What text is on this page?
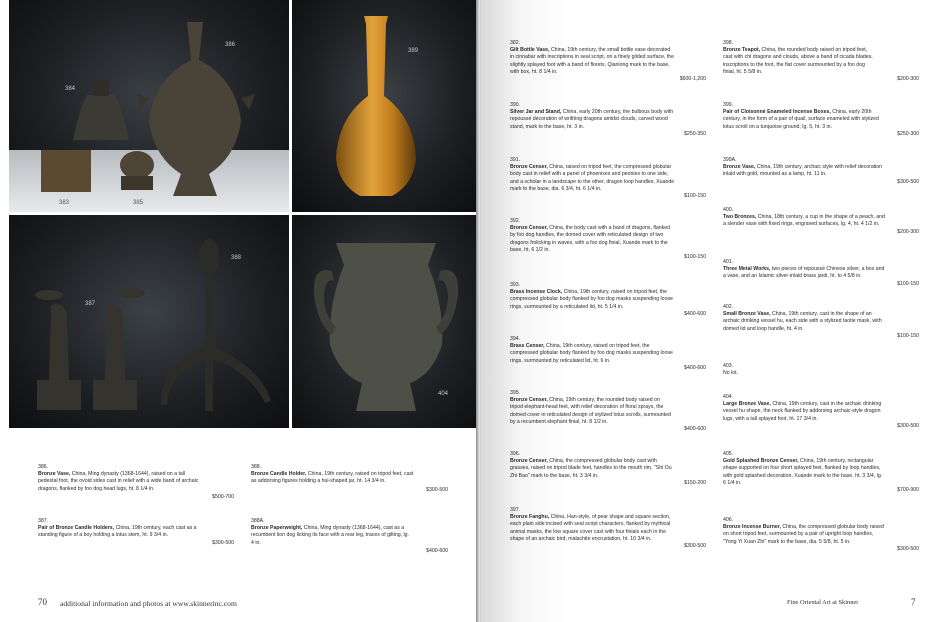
386
384
383	385
389
388
387
404
386.
Bronze Vase, China, Ming dynasty (1368-1644), raised on a tall
pedestal foot, the ovoid sides cast in relief with a wide band of archaic
dragons, flanked by foo dog head lugs, ht. 8 1/4 in.
$500-700
388.
Bronze Candle Holder, China, 19th century, raised on tripod feet, cast
as addorsing figures holding a hui-shaped jar, ht. 14 3/4 in.
$300-500
387.
Pair of Bronze Candle Holders, China, 19th century, each cast as a
standing figure of a boy holding a lotus stem, ht. 9 3/4 in.
$300-500
388A.
Bronze Paperweight, China, Ming dynasty (1368-1644), cast as a
recumbent lion dog licking its face with a rear leg, traces of gilting, lg.
4 in.
$400-600
70 additional information and photos at www.skinnerinc.com
382.
Gilt Bottle Vase, China, 19th century, the small bottle vase decorated
in cinnabar with inscriptions in seal script, on a finely gilded surface, the
slightly splayed foot with a band of florets, Qianlong mark to the base,
with box, ht. 8 1/4 in.
$600-1,200
390.
Silver Jar and Stand, China, early 20th century, the bulbous body with
repoussé decoration of writhing dragons amidst clouds, carved wood
stand, mark to the base, ht. 3 in.
$250-350
391.
Bronze Censer, China, raised on tripod feet, the compressed globular
body cast in relief with a panel of phoenixes and peonies to one side,
and a scholar in a landscape to the other, dragon loop handles, Xuande
mark to the base, dia. 6 3/4, ht. 6 1/4 in.
$100-150
392.
Bronze Censer, China, the body cast with a band of dragons, flanked
by foo dog handles, the domed cover with reticulated design of two
dragons frolicking in waves, with a foo dog finial, Xuande mark to the
base, ht. 6 1/2 in.
$100-150
393.
Brass Incense Clock, China, 19th century, raised on tripod feet, the
compressed globular body flanked by foo dog masks suspending loose
rings, surmounted by a reticulated lid, ht. 5 1/4 in.
$400-600
394.
Brass Censer, China, 19th century, raised on tripod feet, the
compressed globular body flanked by foo dog masks suspending loose
rings, surmounted by reticulated lid, ht. 6 in.
$400-600
395.
Bronze Censer, China, 19th century, the rounded body raised on
tripod elephant-head feet, with relief decoration of floral sprays, the
domed cover in reticulated design of stylized lotus scrolls, surmounted
by a recumbent elephant finial, ht. 8 1/2 in.
$400-600
396.
Bronze Censer, China, the compressed globular body cast with
grasses, raised on tripod blade feet, handles to the mouth rim, "Shi Ou
Zhi Bao" mark to the base, ht. 3 3/4 in.
$150-200
397.
Bronze Fanghu, China, Han-style, of pear shape and square section,
each plain side incised with seal script characters, flanked by mythical
animal masks, the low square cover cast with four finials each in the
shape of an archaic bird, malachite encrustation, ht. 10 3/4 in.
$300-500
398.
Bronze Teapot, China, the rounded body raised on tripod feet,
cast with chi dragons and clouds, above a band of cicada blades,
inscriptions to the foot, the flat cover surmounted by a foo dog
finial, ht. 5 5/8 in.
$200-300
399.
Pair of Cloisonné Enameled Incense Boxes, China, early 20th
century, in the form of a pair of quail, surface enameled with stylized
lotus scroll on a turquoise ground, lg. 5, ht. 3 in.
$250-300
399A.
Bronze Vase, China, 19th century, archaic style with relief decoration
inlaid with gold, mounted as a lamp, ht. 11 in.
$300-500
400.
Two Bronzes, China, 18th century, a cup in the shape of a peach, and
a slender vase with fixed rings, engraved surfaces, lg. 4, ht. 4 1/2 in.
$200-300
401.
Three Metal Works, two pieces of repoussé Chinese silver, a box and
a vase, and an Islamic silver-inlaid brass jardi, ht. to 4 5/8 in.
$100-150
402.
Small Bronze Vase, China, 19th century, cast in the shape of an
archaic drinking vessel hu, each side with a stylized taotie mask, with
domed lid and loop handle, ht. 4 in.
$100-150
403.
No lot.
404.
Large Bronze Vase, China, 19th century, cast in the archaic drinking
vessel hu shape, the neck flanked by addorsing archaic-style dragon
lugs, with a tall splayed foot, ht. 17 3/4 in.
$300-500
405.
Gold Splashed Bronze Censer, China, 19th century, rectangular
shape supported on four short splayed feet, flanked by loop handles,
with gold splashed decoration, Xuande mark to the base, ht. 3 3/4, lg.
6 1/4 in.
$700-900
406.
Bronze Incense Burner, China, the compressed globular body raised
on short tripod feet, surmounted by a pair of upright loop handles,
"Yong Yi Xuan Zhi" mark to the base, dia. 5 5/8, ht. 5 in.
$300-500
Fine Oriental Art at Skinner	7
